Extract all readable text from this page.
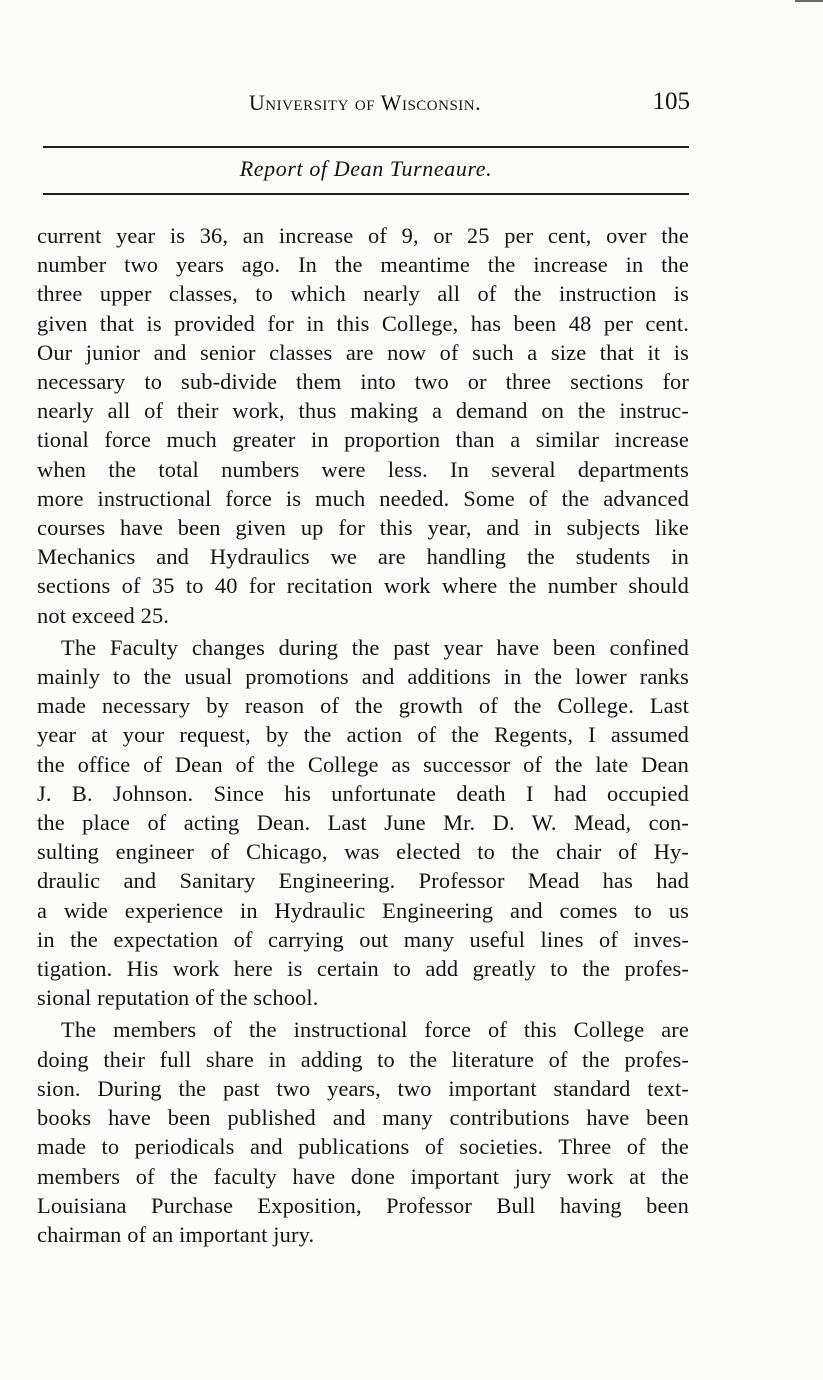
University of Wisconsin.	105
Report of Dean Turneaure.
current year is 36, an increase of 9, or 25 per cent, over the
number two years ago. In the meantime the increase in the
three upper classes, to which nearly all of the instruction is
given that is provided for in this College, has been 48 per cent.
Our junior and senior classes are now of such a size that it is
necessary to sub-divide them into two or three sections for
nearly all of their work, thus making a demand on the instruc-
tional force much greater in proportion than a similar increase
when the total numbers were less. In several departments
more instructional force is much needed. Some of the advanced
courses have been given up for this year, and in subjects like
Mechanics and Hydraulics we are handling the students in
sections of 35 to 40 for recitation work where the number should
not exceed 25.
The Faculty changes during the past year have been confined
mainly to the usual promotions and additions in the lower ranks
made necessary by reason of the growth of the College. Last
year at your request, by the action of the Regents, I assumed
the office of Dean of the College as successor of the late Dean
J. B. Johnson. Since his unfortunate death I had occupied
the place of acting Dean. Last June Mr. D. W. Mead, con-
sulting engineer of Chicago, was elected to the chair of Hy-
draulic and Sanitary Engineering. Professor Mead has had
a wide experience in Hydraulic Engineering and comes to us
in the expectation of carrying out many useful lines of inves-
tigation. His work here is certain to add greatly to the profes-
sional reputation of the school.
The members of the instructional force of this College are
doing their full share in adding to the literature of the profes-
sion. During the past two years, two important standard text-
books have been published and many contributions have been
made to periodicals and publications of societies. Three of the
members of the faculty have done important jury work at the
Louisiana Purchase Exposition, Professor Bull having been
chairman of an important jury.
